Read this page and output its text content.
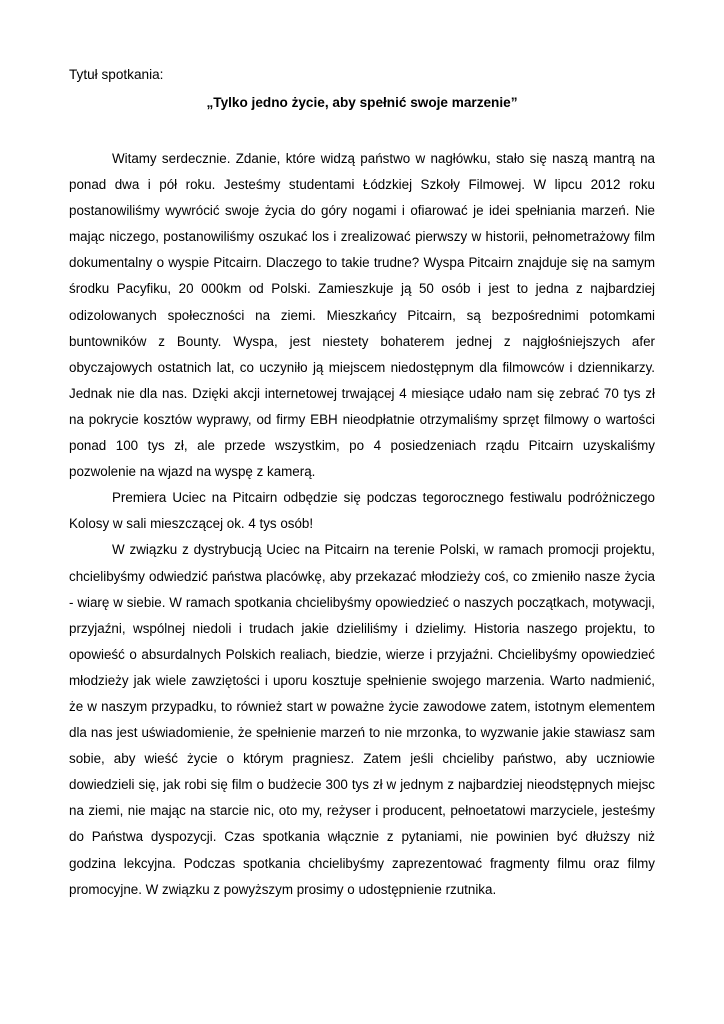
Tytuł spotkania:

„Tylko jedno życie, aby spełnić swoje marzenie”

Witamy serdecznie. Zdanie, które widzą państwo w nagłówku, stało się naszą mantrą na ponad dwa i pół roku. Jesteśmy studentami Łódzkiej Szkoły Filmowej. W lipcu 2012 roku postanowiliśmy wywrócić swoje życia do góry nogami i ofiarować je idei spełniania marzeń. Nie mając niczego, postanowiliśmy oszukać los i zrealizować pierwszy w historii, pełnometrażowy film dokumentalny o wyspie Pitcairn. Dlaczego to takie trudne? Wyspa Pitcairn znajduje się na samym środku Pacyfiku, 20 000km od Polski. Zamieszkuje ją 50 osób i jest to jedna z najbardziej odizolowanych społeczności na ziemi. Mieszkańcy Pitcairn, są bezpośrednimi potomkami buntowników z Bounty. Wyspa, jest niestety bohaterem jednej z najgłośniejszych afer obyczajowych ostatnich lat, co uczyniło ją miejscem niedostępnym dla filmowców i dziennikarzy. Jednak nie dla nas. Dzięki akcji internetowej trwającej 4 miesiące udało nam się zebrać 70 tys zł na pokrycie kosztów wyprawy, od firmy EBH nieodpłatnie otrzymaliśmy sprzęt filmowy o wartości ponad 100 tys zł, ale przede wszystkim, po 4 posiedzeniach rządu Pitcairn uzyskaliśmy pozwolenie na wjazd na wyspę z kamerą.

Premiera Uciec na Pitcairn odbędzie się podczas tegorocznego festiwalu podróżniczego Kolosy w sali mieszczącej ok. 4 tys osób!

W związku z dystrybucją Uciec na Pitcairn na terenie Polski, w ramach promocji projektu, chcielibyśmy odwiedzić państwa placówkę, aby przekazać młodzieży coś, co zmieniło nasze życia - wiarę w siebie. W ramach spotkania chcielibyśmy opowiedzieć o naszych początkach, motywacji, przyjaźni, wspólnej niedoli i trudach jakie dzieliliśmy i dzielimy. Historia naszego projektu, to opowieść o absurdalnych Polskich realiach, biedzie, wierze i przyjaźni. Chcielibyśmy opowiedzieć młodzieży jak wiele zawziętości i uporu kosztuje spełnienie swojego marzenia. Warto nadmienić, że w naszym przypadku, to również start w poważne życie zawodowe zatem, istotnym elementem dla nas jest uświadomienie, że spełnienie marzeń to nie mrzonka, to wyzwanie jakie stawiasz sam sobie, aby wieść życie o którym pragniesz. Zatem jeśli chcieliby państwo, aby uczniowie dowiedzieli się, jak robi się film o budżecie 300 tys zł w jednym z najbardziej nieodstępnych miejsc na ziemi, nie mając na starcie nic, oto my, reżyser i producent, pełnoetatowi marzyciele, jesteśmy do Państwa dyspozycji. Czas spotkania włącznie z pytaniami, nie powinien być dłuższy niż godzina lekcyjna. Podczas spotkania chcielibyśmy zaprezentować fragmenty filmu oraz filmy promocyjne. W związku z powyższym prosimy o udostępnienie rzutnika.
